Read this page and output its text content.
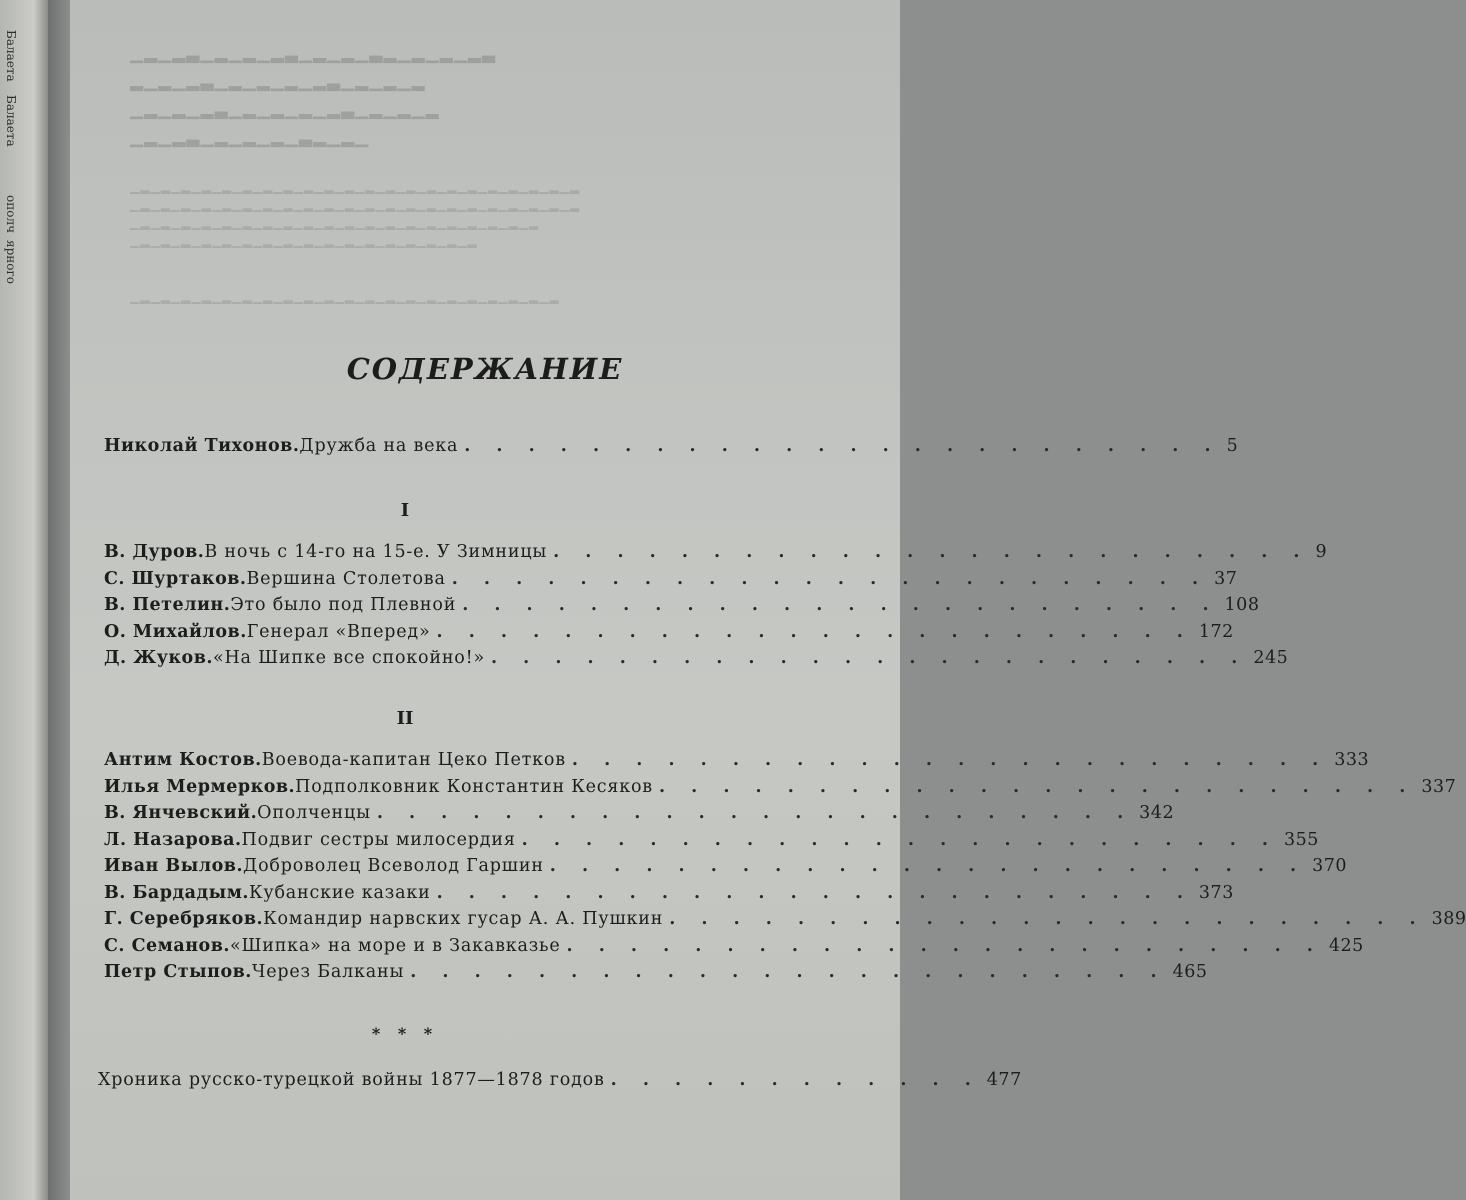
Балаета
Балаета
ополч
ярного
▁▂▁▂▃▁▂▁▂▁▂▃▁▂▁▂▁▃▂▁▂▁▂▁▂▃
▂▁▂▁▂▃▁▂▁▂▁▂▁▂▃▁▂▁▂▁▂
▁▂▁▂▁▂▃▁▂▁▂▁▂▁▂▃▁▂▁▂▁▂
▁▂▁▂▃▁▂▁▂▁▂▁▃▂▁▂▁
▁▂▁▂▁▂▁▂▁▂▁▂▁▂▁▂▁▂▁▂▁▂▁▂▁▂▁▂▁▂▁▂▁▂▁▂▁▂▁▂▁▂▁▂
▁▂▁▂▁▂▁▂▁▂▁▂▁▂▁▂▁▂▁▂▁▂▁▂▁▂▁▂▁▂▁▂▁▂▁▂▁▂▁▂▁▂▁▂
▁▂▁▂▁▂▁▂▁▂▁▂▁▂▁▂▁▂▁▂▁▂▁▂▁▂▁▂▁▂▁▂▁▂▁▂▁▂▁▂
▁▂▁▂▁▂▁▂▁▂▁▂▁▂▁▂▁▂▁▂▁▂▁▂▁▂▁▂▁▂▁▂▁▂
▁▂▁▂▁▂▁▂▁▂▁▂▁▂▁▂▁▂▁▂▁▂▁▂▁▂▁▂▁▂▁▂▁▂▁▂▁▂▁▂▁▂
СОДЕРЖАНИЕ
Николай Тихонов. Дружба на века . . . . . . . . . . . . . . . . . . . . . . . . 5
I
В. Дуров. В ночь с 14-го на 15-е. У Зимницы . . . . . . . . . . . . . . . . . . . . . . . . 9
С. Шуртаков. Вершина Столетова . . . . . . . . . . . . . . . . . . . . . . . . 37
В. Петелин. Это было под Плевной . . . . . . . . . . . . . . . . . . . . . . . . 108
О. Михайлов. Генерал «Вперед» . . . . . . . . . . . . . . . . . . . . . . . . 172
Д. Жуков. «На Шипке все спокойно!» . . . . . . . . . . . . . . . . . . . . . . . . 245
II
Антим Костов. Воевода-капитан Цеко Петков . . . . . . . . . . . . . . . . . . . . . . . . 333
Илья Мермерков. Подполковник Константин Кесяков . . . . . . . . . . . . . . . . . . . . . . . . 337
В. Янчевский. Ополченцы . . . . . . . . . . . . . . . . . . . . . . . . 342
Л. Назарова. Подвиг сестры милосердия . . . . . . . . . . . . . . . . . . . . . . . . 355
Иван Вылов. Доброволец Всеволод Гаршин . . . . . . . . . . . . . . . . . . . . . . . . 370
В. Бардадым. Кубанские казаки . . . . . . . . . . . . . . . . . . . . . . . . 373
Г. Серебряков. Командир нарвских гусар А. А. Пушкин . . . . . . . . . . . . . . . . . . . . . . . . 389
С. Семанов. «Шипка» на море и в Закавказье . . . . . . . . . . . . . . . . . . . . . . . . 425
Петр Стыпов. Через Балканы . . . . . . . . . . . . . . . . . . . . . . . . 465
* * *
Хроника русско-турецкой войны 1877—1878 годов . . . . . . . . . . . . 477
